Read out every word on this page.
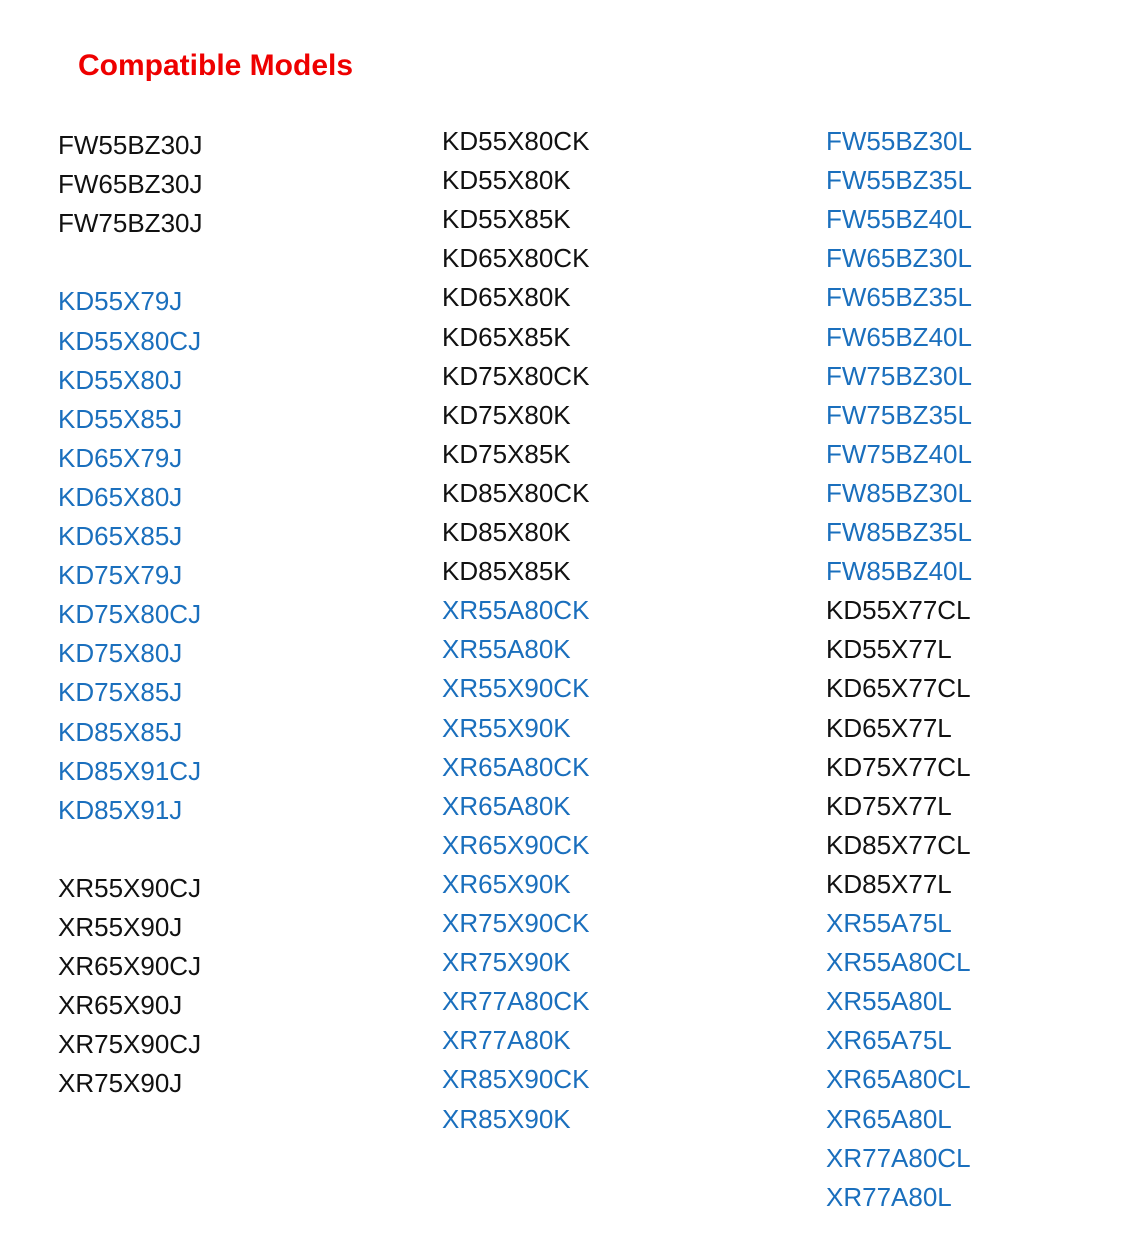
Compatible Models
FW55BZ30J
FW65BZ30J
FW75BZ30J
KD55X79J
KD55X80CJ
KD55X80J
KD55X85J
KD65X79J
KD65X80J
KD65X85J
KD75X79J
KD75X80CJ
KD75X80J
KD75X85J
KD85X85J
KD85X91CJ
KD85X91J
XR55X90CJ
XR55X90J
XR65X90CJ
XR65X90J
XR75X90CJ
XR75X90J
KD55X80CK
KD55X80K
KD55X85K
KD65X80CK
KD65X80K
KD65X85K
KD75X80CK
KD75X80K
KD75X85K
KD85X80CK
KD85X80K
KD85X85K
XR55A80CK
XR55A80K
XR55X90CK
XR55X90K
XR65A80CK
XR65A80K
XR65X90CK
XR65X90K
XR75X90CK
XR75X90K
XR77A80CK
XR77A80K
XR85X90CK
XR85X90K
FW55BZ30L
FW55BZ35L
FW55BZ40L
FW65BZ30L
FW65BZ35L
FW65BZ40L
FW75BZ30L
FW75BZ35L
FW75BZ40L
FW85BZ30L
FW85BZ35L
FW85BZ40L
KD55X77CL
KD55X77L
KD65X77CL
KD65X77L
KD75X77CL
KD75X77L
KD85X77CL
KD85X77L
XR55A75L
XR55A80CL
XR55A80L
XR65A75L
XR65A80CL
XR65A80L
XR77A80CL
XR77A80L
